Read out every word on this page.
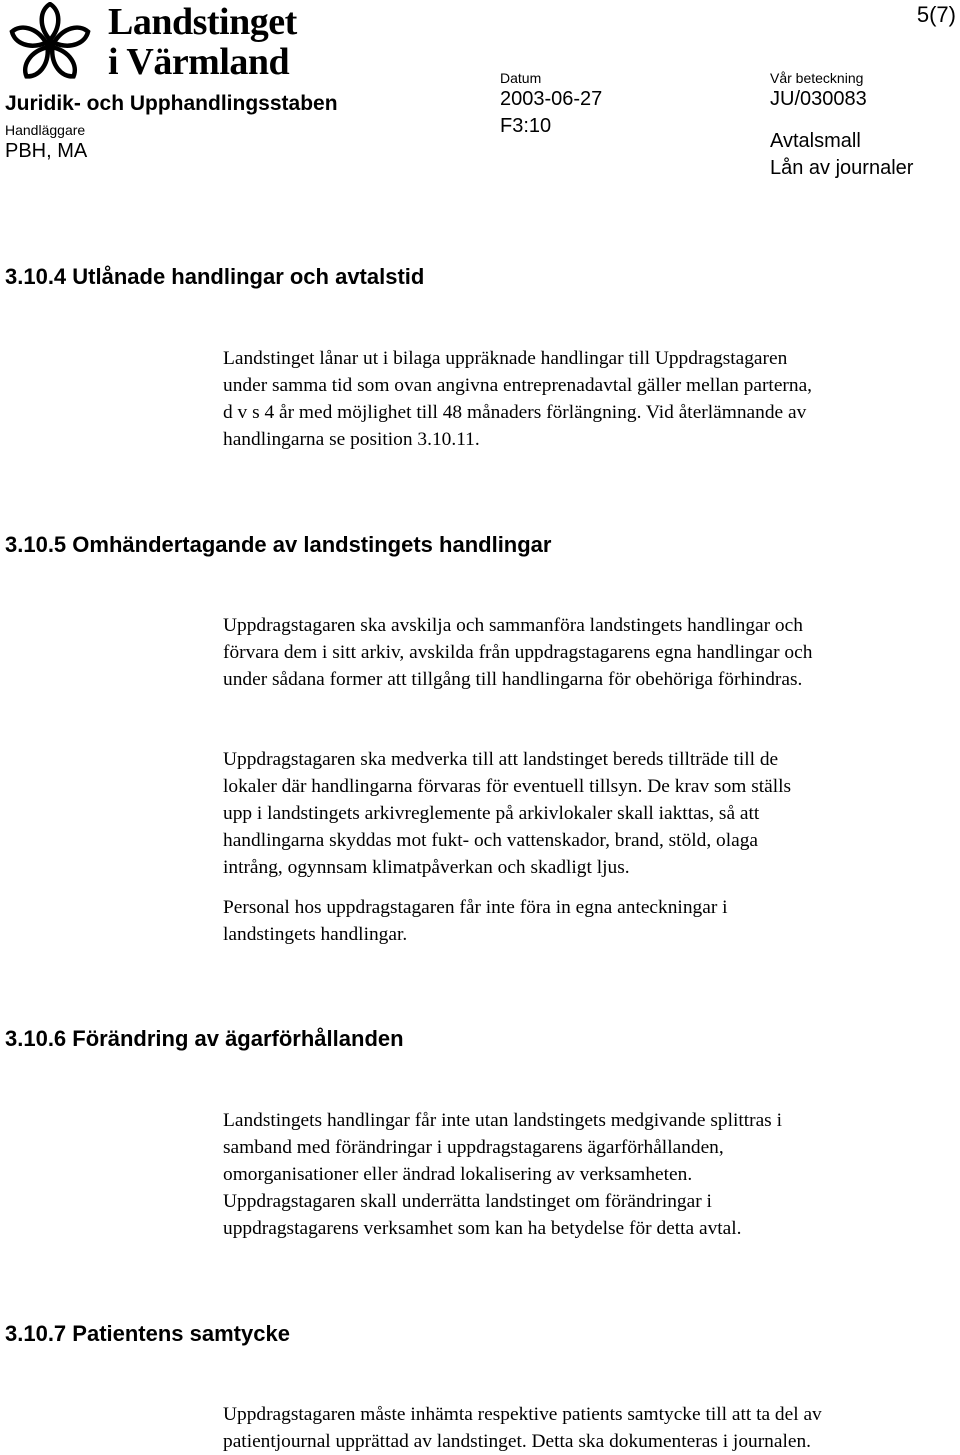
Landstinget
i Värmland
5(7)
Juridik- och Upphandlingsstaben
Handläggare
PBH, MA
Datum
2003-06-27
F3:10
Vår beteckning
JU/030083
Avtalsmall
Lån av journaler
3.10.4 Utlånade handlingar och avtalstid
Landstinget lånar ut i bilaga uppräknade handlingar till Uppdragstagaren
under samma tid som ovan angivna entreprenadavtal gäller mellan parterna,
d v s 4 år med möjlighet till 48 månaders förlängning. Vid återlämnande av
handlingarna se position 3.10.11.
3.10.5 Omhändertagande av landstingets handlingar
Uppdragstagaren ska avskilja och sammanföra landstingets handlingar och
förvara dem i sitt arkiv, avskilda från uppdragstagarens egna handlingar och
under sådana former att tillgång till handlingarna för obehöriga förhindras.
Uppdragstagaren ska medverka till att landstinget bereds tillträde till de
lokaler där handlingarna förvaras för eventuell tillsyn. De krav som ställs
upp i landstingets arkivreglemente på arkivlokaler skall iakttas, så att
handlingarna skyddas mot fukt- och vattenskador, brand, stöld, olaga
intrång, ogynnsam klimatpåverkan och skadligt ljus.
Personal hos uppdragstagaren får inte föra in egna anteckningar i
landstingets handlingar.
3.10.6 Förändring av ägarförhållanden
Landstingets handlingar får inte utan landstingets medgivande splittras i
samband med förändringar i uppdragstagarens ägarförhållanden,
omorganisationer eller ändrad lokalisering av verksamheten.
Uppdragstagaren skall underrätta landstinget om förändringar i
uppdragstagarens verksamhet som kan ha betydelse för detta avtal.
3.10.7 Patientens samtycke
Uppdragstagaren måste inhämta respektive patients samtycke till att ta del av
patientjournal upprättad av landstinget. Detta ska dokumenteras i journalen.
